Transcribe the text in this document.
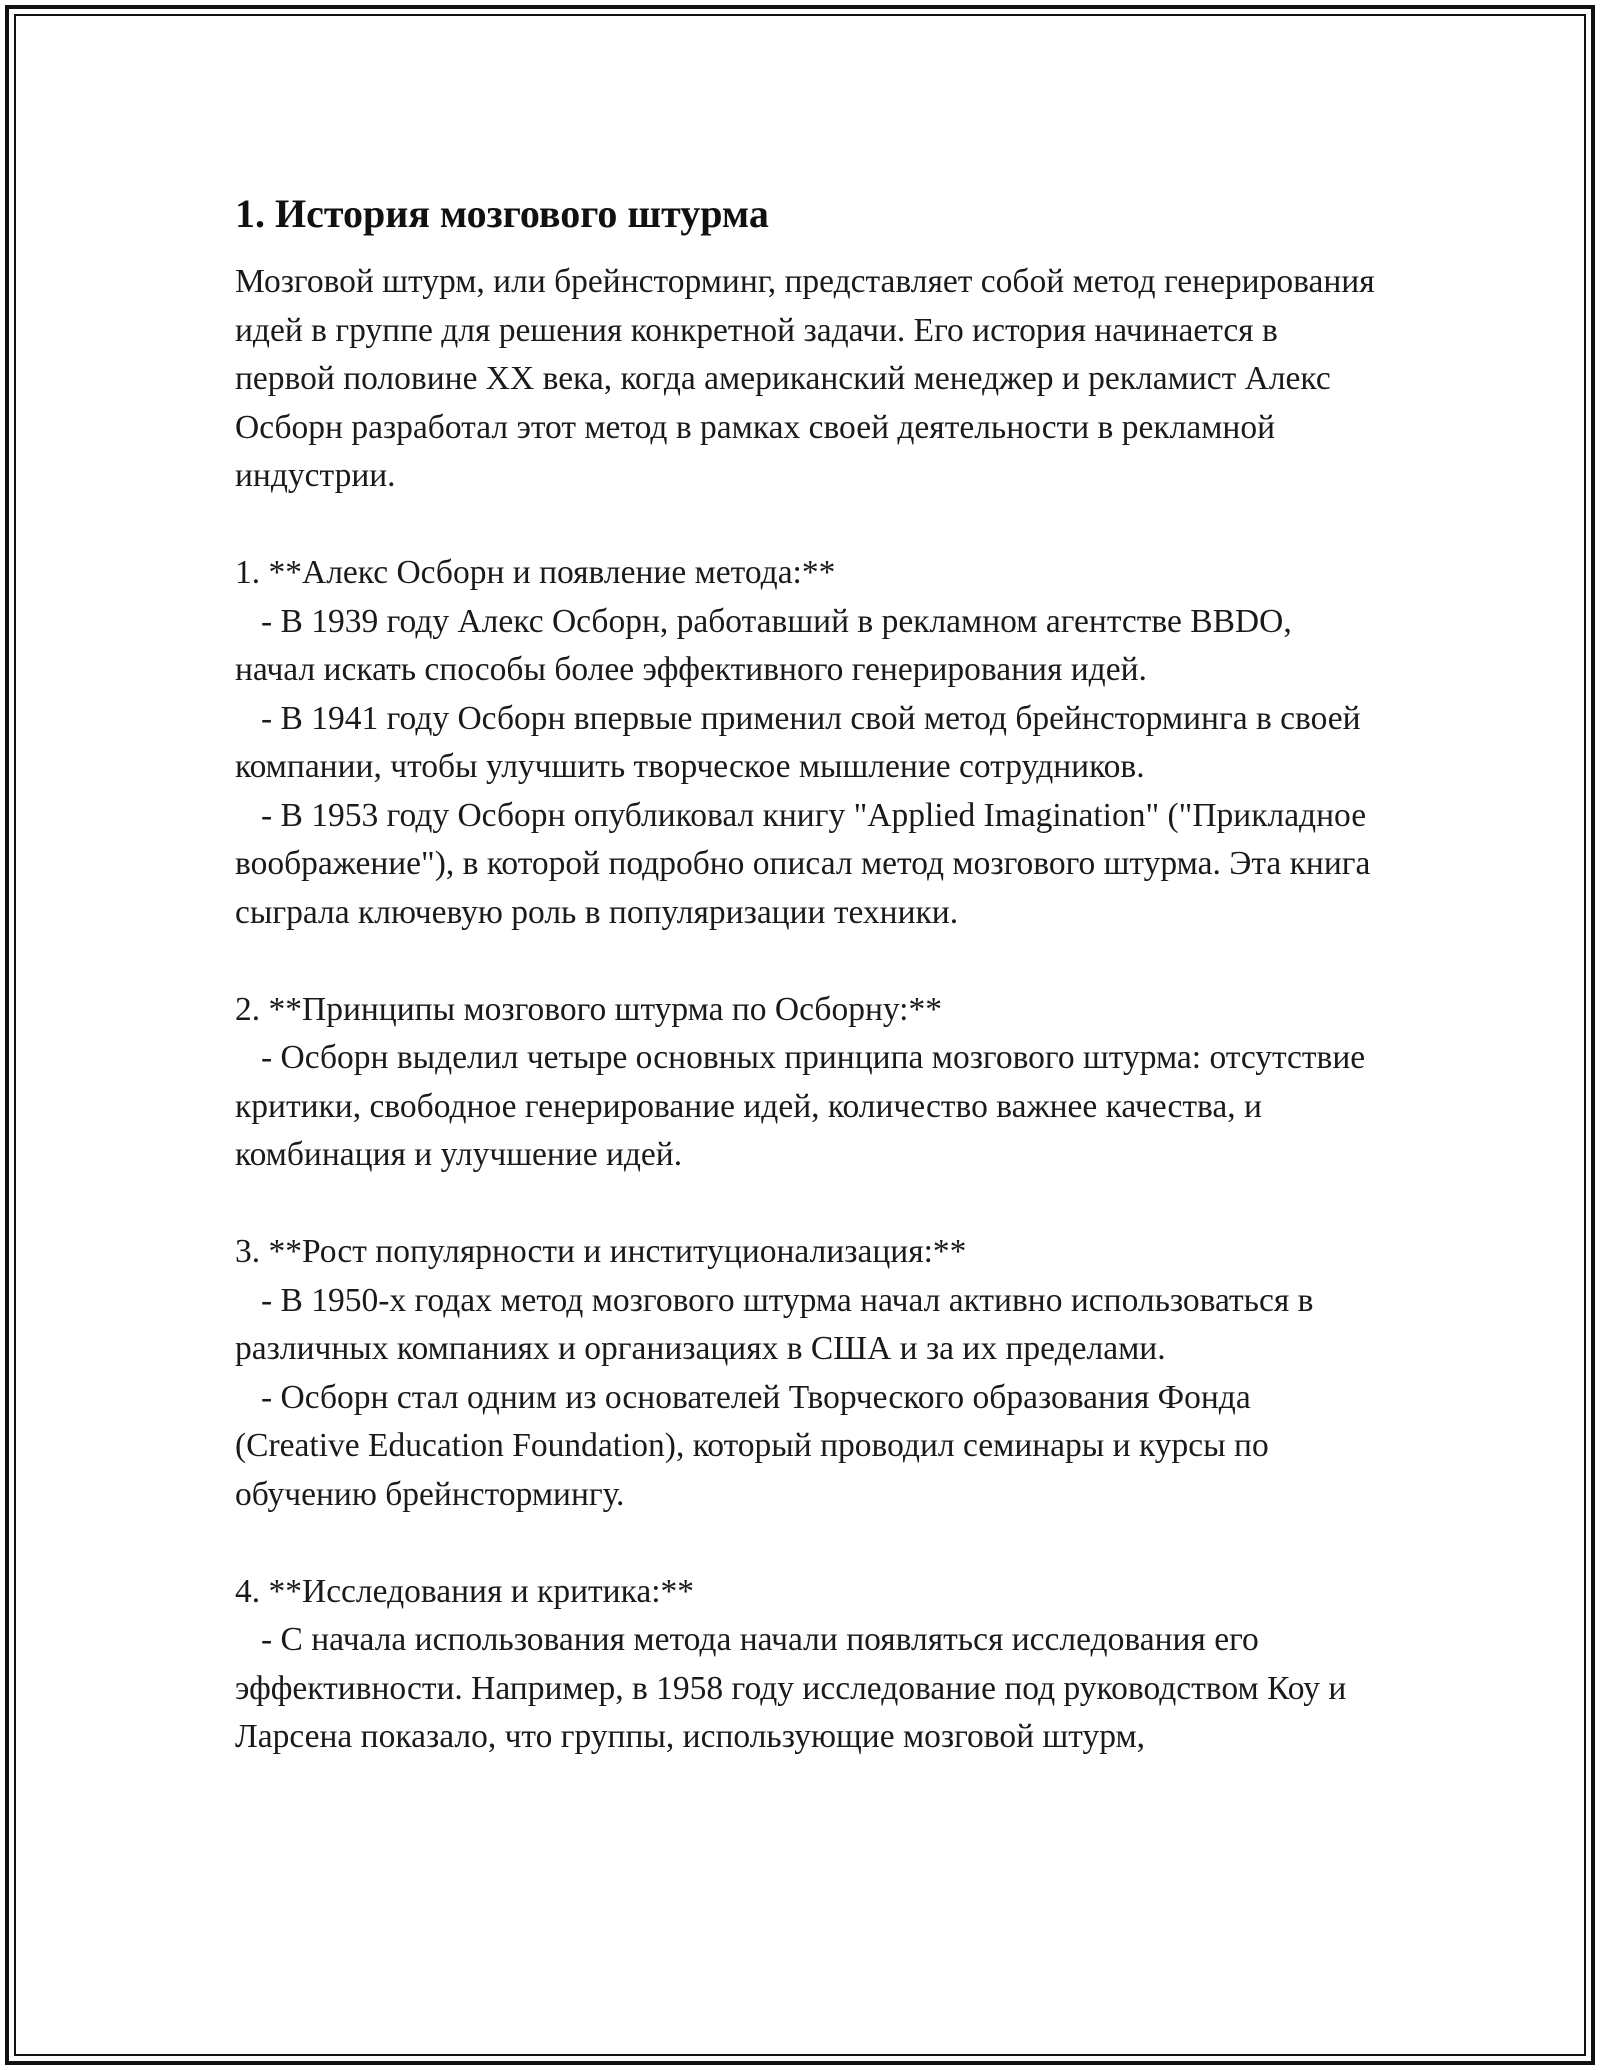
1. История мозгового штурма

Мозговой штурм, или брейнсторминг, представляет собой метод генерирования идей в группе для решения конкретной задачи. Его история начинается в первой половине XX века, когда американский менеджер и рекламист Алекс Осборн разработал этот метод в рамках своей деятельности в рекламной индустрии.

1. **Алекс Осборн и появление метода:**

- В 1939 году Алекс Осборн, работавший в рекламном агентстве BBDO, начал искать способы более эффективного генерирования идей.

- В 1941 году Осборн впервые применил свой метод брейнсторминга в своей компании, чтобы улучшить творческое мышление сотрудников.

- В 1953 году Осборн опубликовал книгу "Applied Imagination" ("Прикладное воображение"), в которой подробно описал метод мозгового штурма. Эта книга сыграла ключевую роль в популяризации техники.

2. **Принципы мозгового штурма по Осборну:**

- Осборн выделил четыре основных принципа мозгового штурма: отсутствие критики, свободное генерирование идей, количество важнее качества, и комбинация и улучшение идей.

3. **Рост популярности и институционализация:**

- В 1950-х годах метод мозгового штурма начал активно использоваться в различных компаниях и организациях в США и за их пределами.

- Осборн стал одним из основателей Творческого образования Фонда (Creative Education Foundation), который проводил семинары и курсы по обучению брейнстормингу.

4. **Исследования и критика:**

- С начала использования метода начали появляться исследования его эффективности. Например, в 1958 году исследование под руководством Коу и Ларсена показало, что группы, использующие мозговой штурм,
